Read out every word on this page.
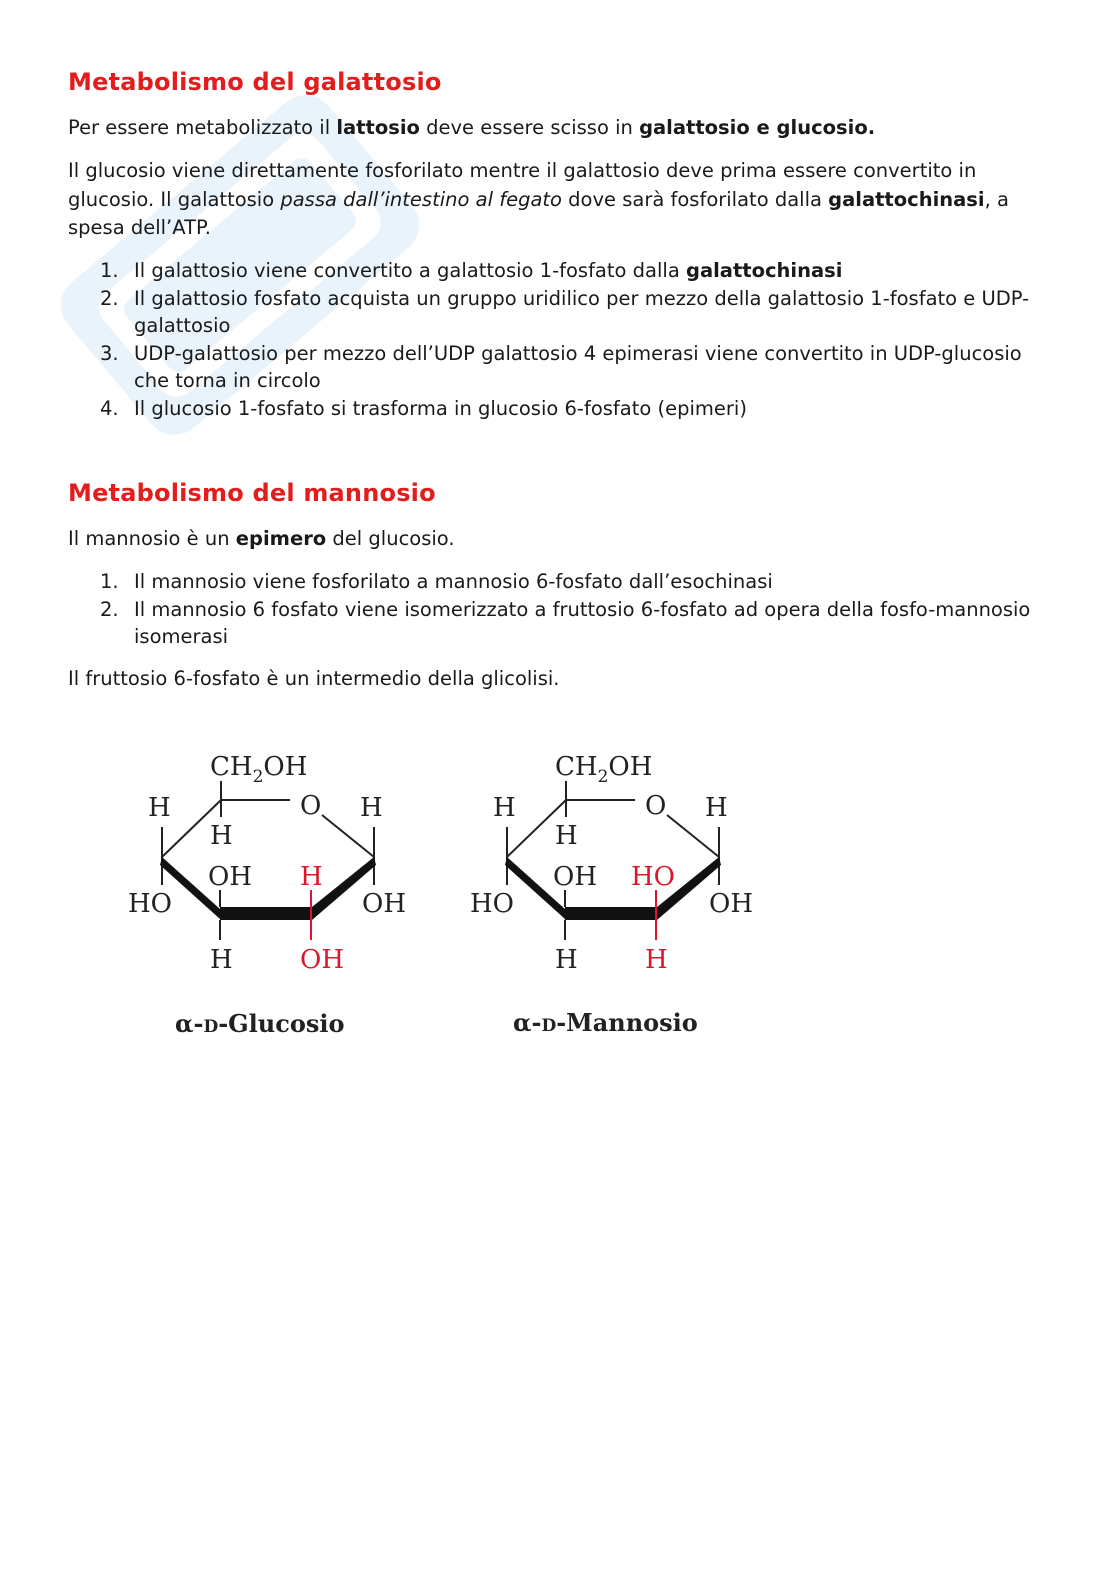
Metabolismo del galattosio

Per essere metabolizzato il lattosio deve essere scisso in galattosio e glucosio.

Il glucosio viene direttamente fosforilato mentre il galattosio deve prima essere convertito in glucosio. Il galattosio passa dall’intestino al fegato dove sarà fosforilato dalla galattochinasi, a spesa dell’ATP.

1. Il galattosio viene convertito a galattosio 1-fosfato dalla galattochinasi
2. Il galattosio fosfato acquista un gruppo uridilico per mezzo della galattosio 1-fosfato e UDP-galattosio
3. UDP-galattosio per mezzo dell’UDP galattosio 4 epimerasi viene convertito in UDP-glucosio che torna in circolo
4. Il glucosio 1-fosfato si trasforma in glucosio 6-fosfato (epimeri)
Metabolismo del mannosio

Il mannosio è un epimero del glucosio.

1. Il mannosio viene fosforilato a mannosio 6-fosfato dall’esochinasi
2. Il mannosio 6 fosfato viene isomerizzato a fruttosio 6-fosfato ad opera della fosfo-mannosio isomerasi

Il fruttosio 6-fosfato è un intermedio della glicolisi.

$CH_2OH$
O
H
H	H
HO
OH H
OH
H	OH
α-D-Glucosio
$CH_2OH$
O
H
H	H
HO
OH HO
OH
H	H
α-D-Mannosio
